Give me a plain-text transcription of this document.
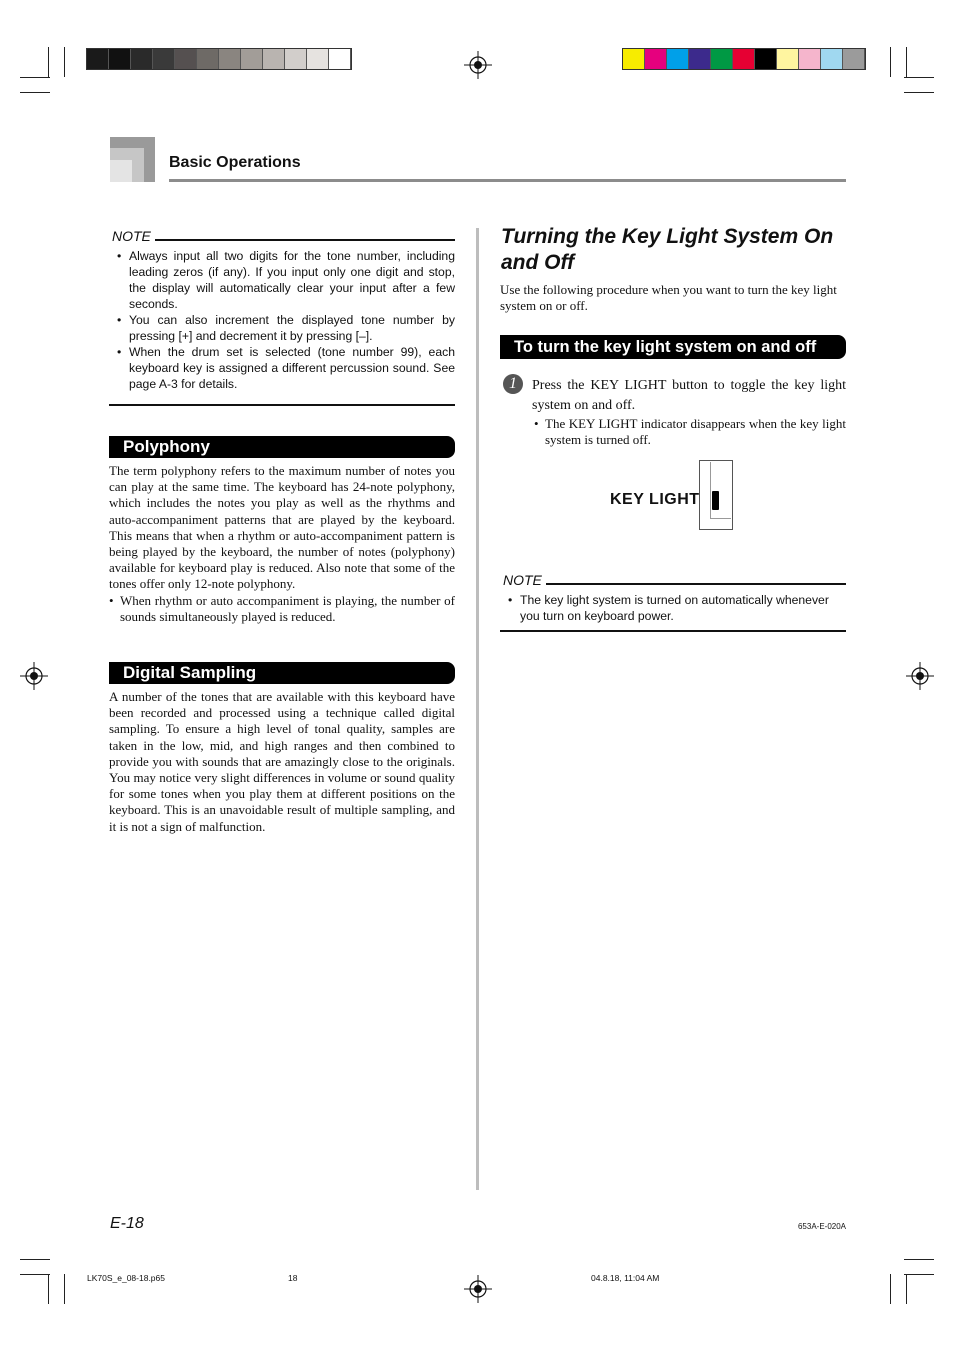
Basic Operations
NOTE
• Always input all two digits for the tone number, including leading zeros (if any). If you input only one digit and stop, the display will automatically clear your input after a few seconds.
• You can also increment the displayed tone number by pressing [+] and decrement it by pressing [–].
• When the drum set is selected (tone number 99), each keyboard key is assigned a different percussion sound. See page A-3 for details.
Polyphony

The term polyphony refers to the maximum number of notes you can play at the same time. The keyboard has 24-note polyphony, which includes the notes you play as well as the rhythms and auto-accompaniment patterns that are played by the keyboard. This means that when a rhythm or auto-accompaniment pattern is being played by the keyboard, the number of notes (polyphony) available for keyboard play is reduced. Also note that some of the tones offer only 12-note polyphony.

• When rhythm or auto accompaniment is playing, the number of sounds simultaneously played is reduced.

Digital Sampling

A number of the tones that are available with this keyboard have been recorded and processed using a technique called digital sampling. To ensure a high level of tonal quality, samples are taken in the low, mid, and high ranges and then combined to provide you with sounds that are amazingly close to the originals. You may notice very slight differences in volume or sound quality for some tones when you play them at different positions on the keyboard. This is an unavoidable result of multiple sampling, and it is not a sign of malfunction.

Turning the Key Light System On
and Off

Use the following procedure when you want to turn the key light system on or off.

To turn the key light system on and off
1	Press the KEY LIGHT button to toggle the key light system on and off.

• The KEY LIGHT indicator disappears when the key light system is turned off.

KEY LIGHT
NOTE
• The key light system is turned on automatically whenever you turn on keyboard power.
E-18	653A-E-020A
LK70S_e_08-18.p65	18	04.8.18, 11:04 AM
